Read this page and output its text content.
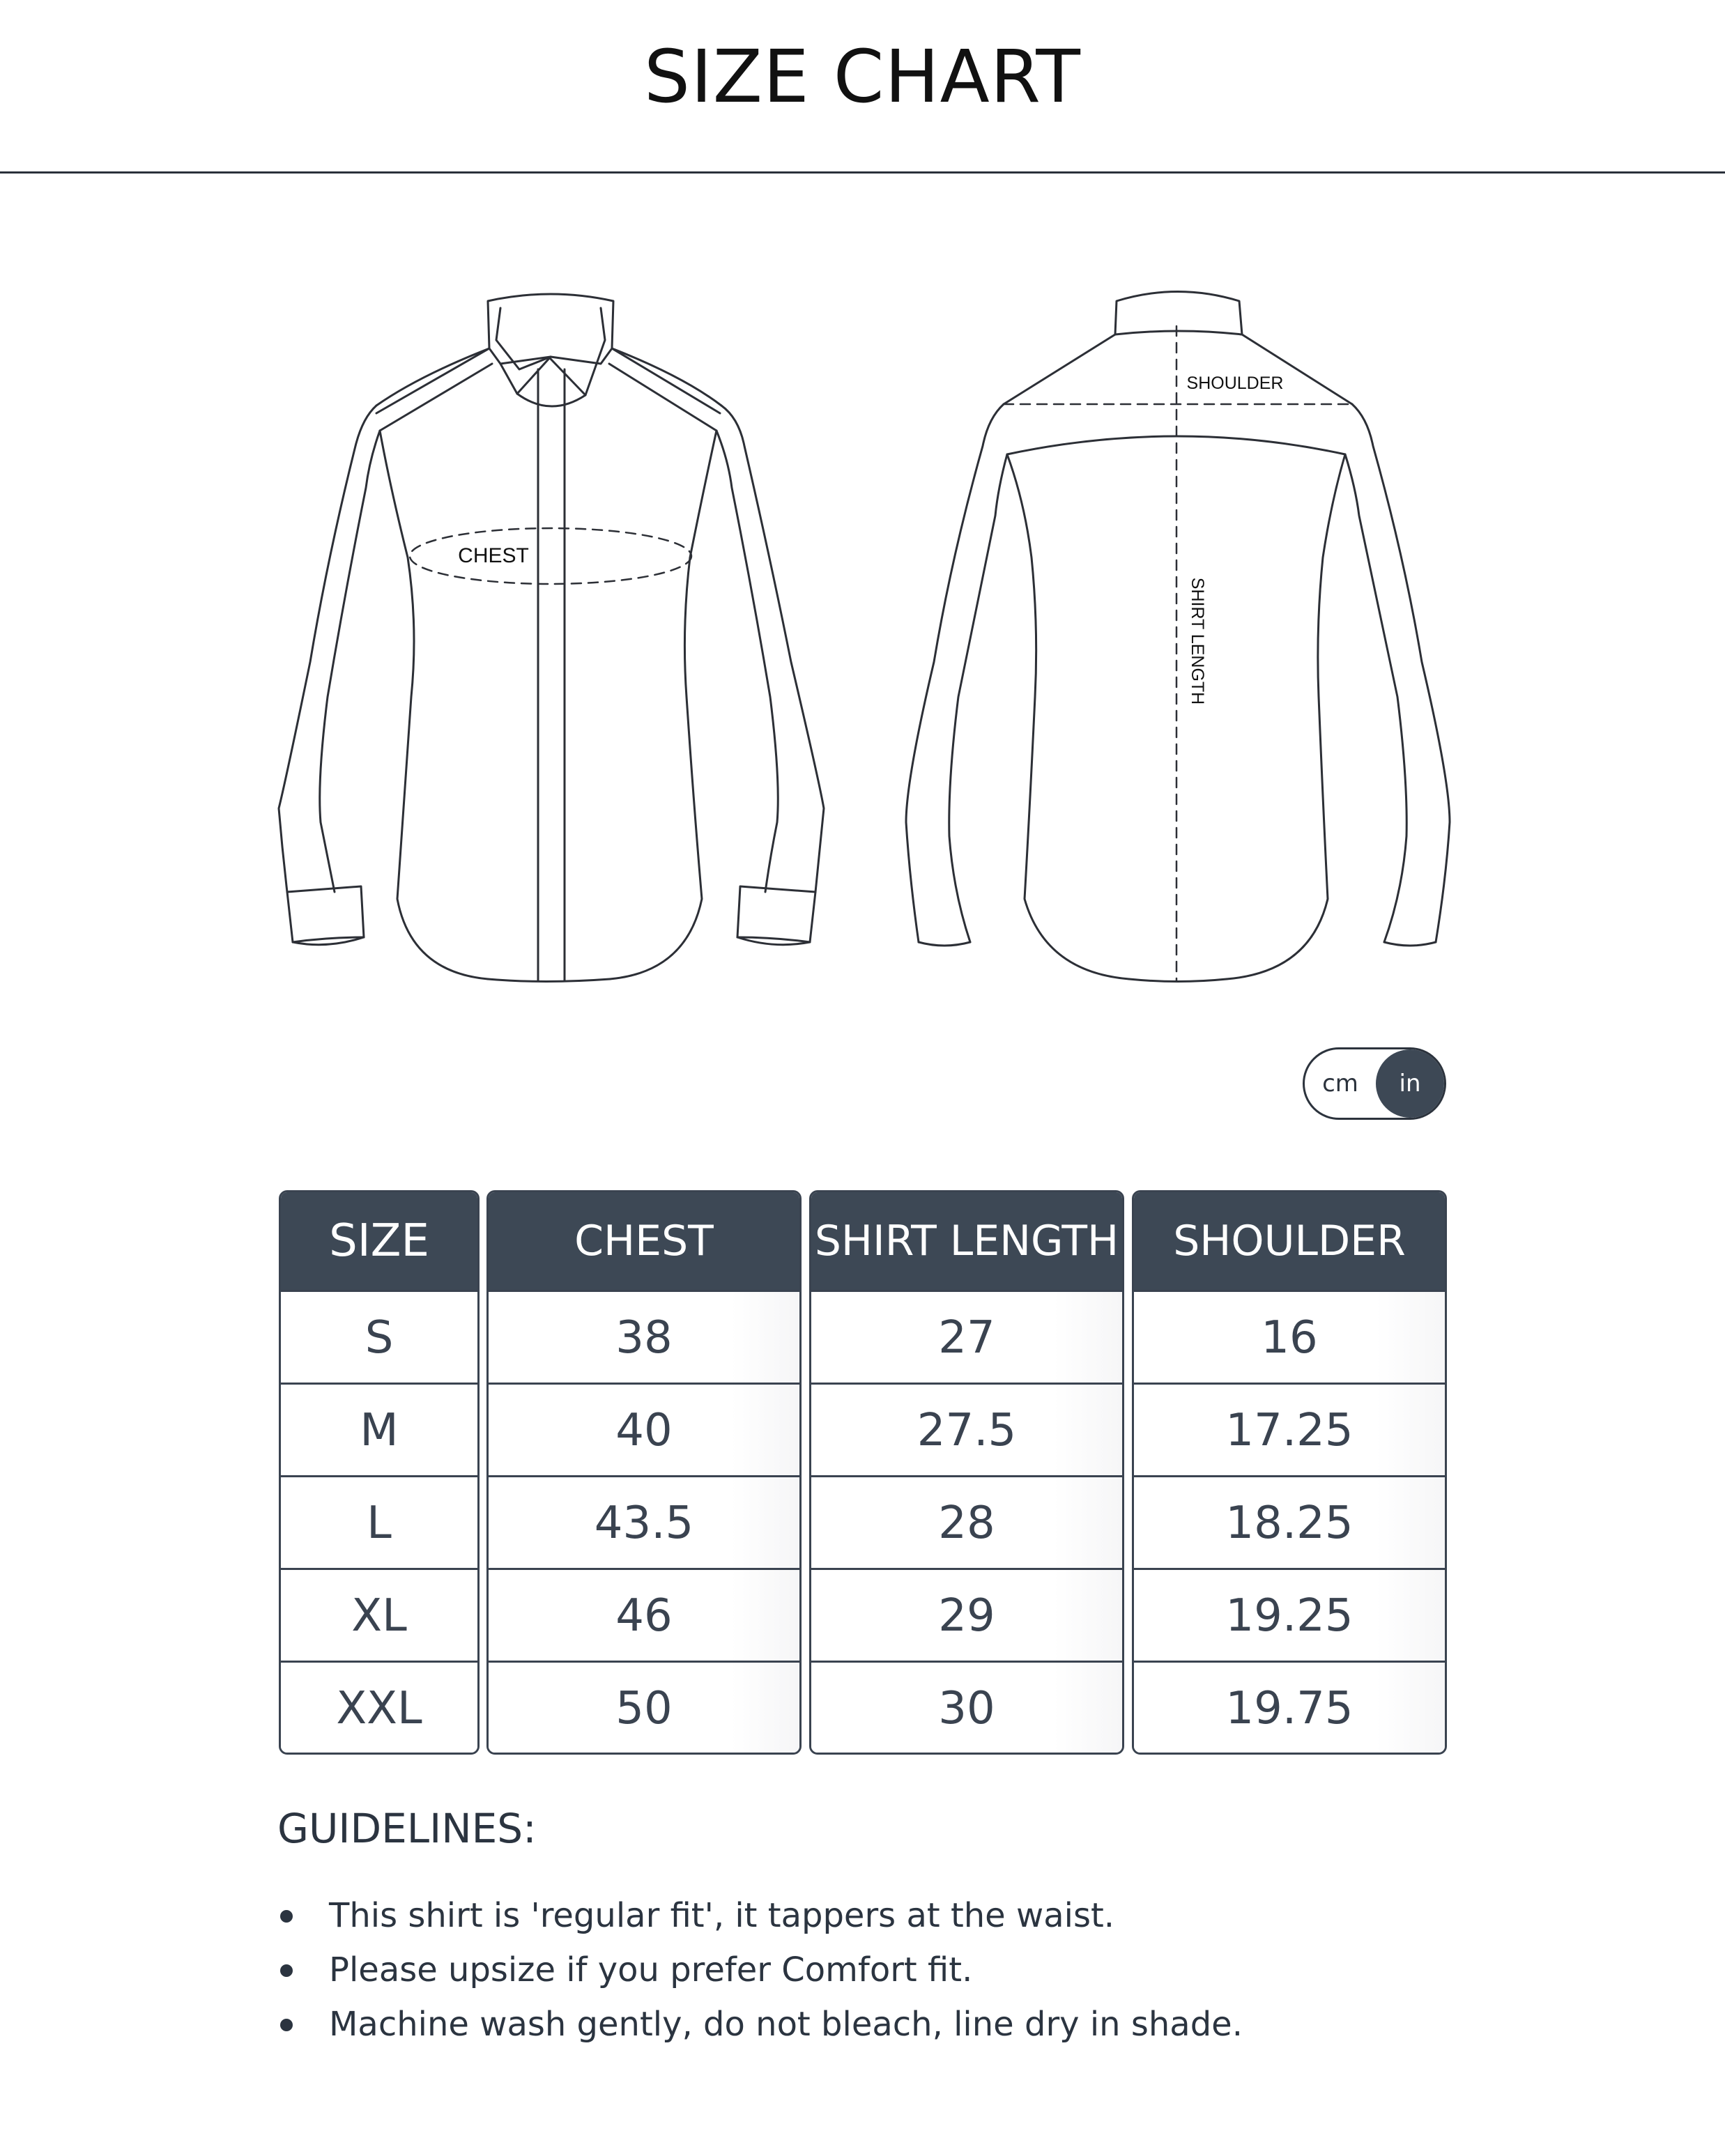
SIZE CHART
CHEST
SHOULDER
SHIRT LENGTH
cm	in
SIZE
S
M
L
XL
XXL
CHEST
38
40
43.5
46
50
SHIRT LENGTH
27
27.5
28
29
30
SHOULDER
16
17.25
18.25
19.25
19.75
GUIDELINES:
This shirt is 'regular fit', it tappers at the waist.
Please upsize if you prefer Comfort fit.
Machine wash gently, do not bleach, line dry in shade.
